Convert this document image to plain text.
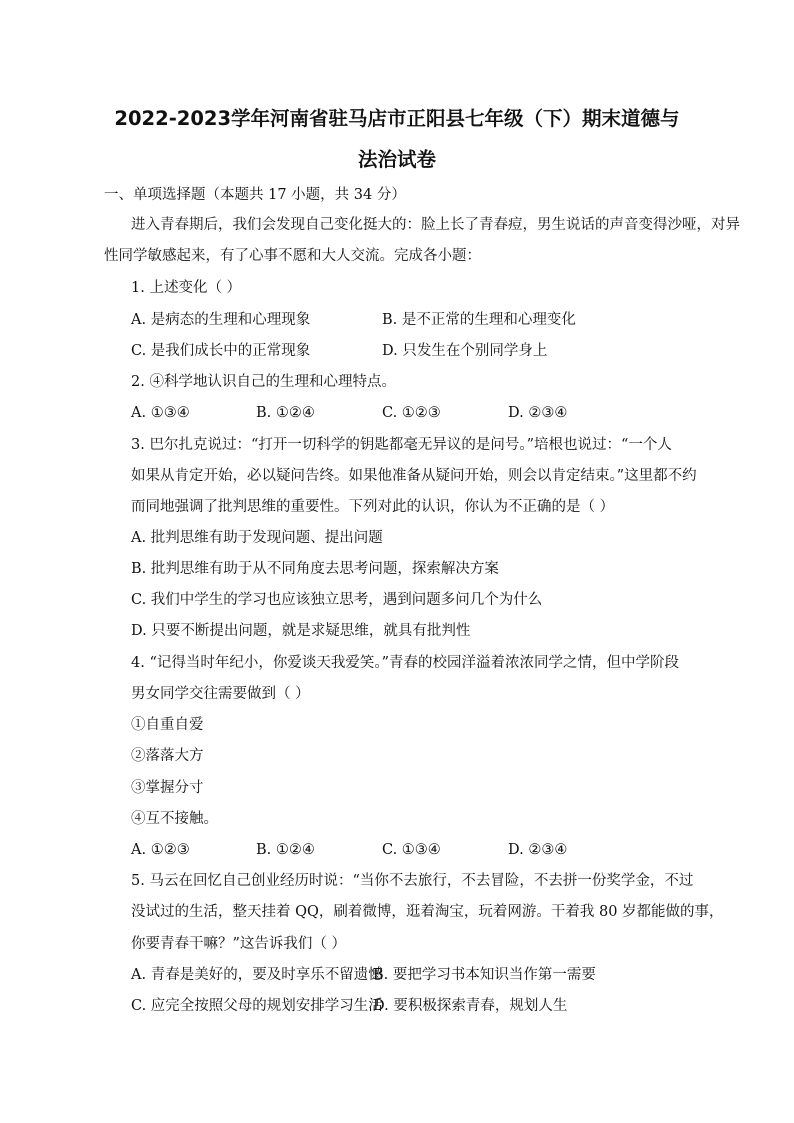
2022-2023学年河南省驻马店市正阳县七年级（下）期末道德与
法治试卷

一、单项选择题（本题共 17 小题，共 34 分）

进入青春期后，我们会发现自己变化挺大的：脸上长了青春痘，男生说话的声音变得沙哑，对异

性同学敏感起来，有了心事不愿和大人交流。完成各小题：

1. 上述变化（ ）

A. 是病态的生理和心理现象	B. 是不正常的生理和心理变化
C. 是我们成长中的正常现象	D. 只发生在个别同学身上

2. ④科学地认识自己的生理和心理特点。

A. ①③④	B. ①②④	C. ①②③	D. ②③④

3. 巴尔扎克说过：“打开一切科学的钥匙都毫无异议的是问号。”培根也说过：“一个人

如果从肯定开始，必以疑问告终。如果他准备从疑问开始，则会以肯定结束。”这里都不约

而同地强调了批判思维的重要性。下列对此的认识，你认为不正确的是（ ）

A. 批判思维有助于发现问题、提出问题

B. 批判思维有助于从不同角度去思考问题，探索解决方案

C. 我们中学生的学习也应该独立思考，遇到问题多问几个为什么

D. 只要不断提出问题，就是求疑思维，就具有批判性

4. “记得当时年纪小，你爱谈天我爱笑。”青春的校园洋溢着浓浓同学之情，但中学阶段

男女同学交往需要做到（ ）

①自重自爱

②落落大方

③掌握分寸

④互不接触。

A. ①②③	B. ①②④	C. ①③④	D. ②③④

5. 马云在回忆自己创业经历时说：“当你不去旅行，不去冒险，不去拼一份奖学金，不过

没试过的生活，整天挂着 QQ，刷着微博，逛着淘宝，玩着网游。干着我 80 岁都能做的事，

你要青春干嘛？”这告诉我们（ ）

A. 青春是美好的，要及时享乐不留遗憾
B. 要把学习书本知识当作第一需要
C. 应完全按照父母的规划安排学习生活
D. 要积极探索青春，规划人生
